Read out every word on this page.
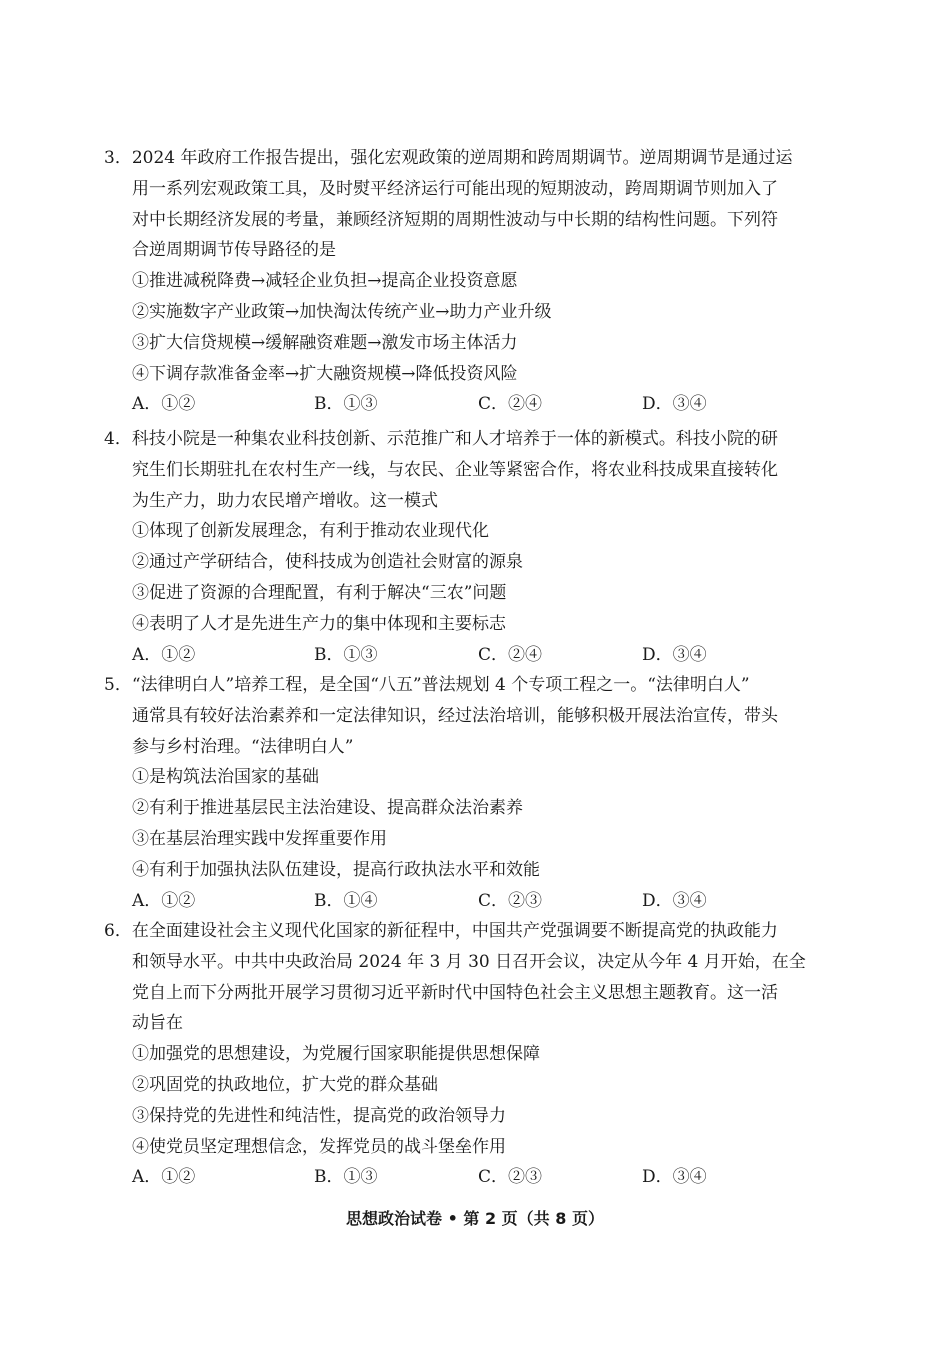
3．2024 年政府工作报告提出，强化宏观政策的逆周期和跨周期调节。逆周期调节是通过运
用一系列宏观政策工具，及时熨平经济运行可能出现的短期波动，跨周期调节则加入了
对中长期经济发展的考量，兼顾经济短期的周期性波动与中长期的结构性问题。下列符
合逆周期调节传导路径的是
①推进减税降费→减轻企业负担→提高企业投资意愿
②实施数字产业政策→加快淘汰传统产业→助力产业升级
③扩大信贷规模→缓解融资难题→激发市场主体活力
④下调存款准备金率→扩大融资规模→降低投资风险
A．①②	B．①③	C．②④	D．③④
4．科技小院是一种集农业科技创新、示范推广和人才培养于一体的新模式。科技小院的研
究生们长期驻扎在农村生产一线，与农民、企业等紧密合作，将农业科技成果直接转化
为生产力，助力农民增产增收。这一模式
①体现了创新发展理念，有利于推动农业现代化
②通过产学研结合，使科技成为创造社会财富的源泉
③促进了资源的合理配置，有利于解决“三农”问题
④表明了人才是先进生产力的集中体现和主要标志
A．①②	B．①③	C．②④	D．③④
5．“法律明白人”培养工程，是全国“八五”普法规划 4 个专项工程之一。“法律明白人”
通常具有较好法治素养和一定法律知识，经过法治培训，能够积极开展法治宣传，带头
参与乡村治理。“法律明白人”
①是构筑法治国家的基础
②有利于推进基层民主法治建设、提高群众法治素养
③在基层治理实践中发挥重要作用
④有利于加强执法队伍建设，提高行政执法水平和效能
A．①②	B．①④	C．②③	D．③④
6．在全面建设社会主义现代化国家的新征程中，中国共产党强调要不断提高党的执政能力
和领导水平。中共中央政治局 2024 年 3 月 30 日召开会议，决定从今年 4 月开始，在全
党自上而下分两批开展学习贯彻习近平新时代中国特色社会主义思想主题教育。这一活
动旨在
①加强党的思想建设，为党履行国家职能提供思想保障
②巩固党的执政地位，扩大党的群众基础
③保持党的先进性和纯洁性，提高党的政治领导力
④使党员坚定理想信念，发挥党员的战斗堡垒作用
A．①②	B．①③	C．②③	D．③④
思想政治试卷 • 第 2 页（共 8 页）
